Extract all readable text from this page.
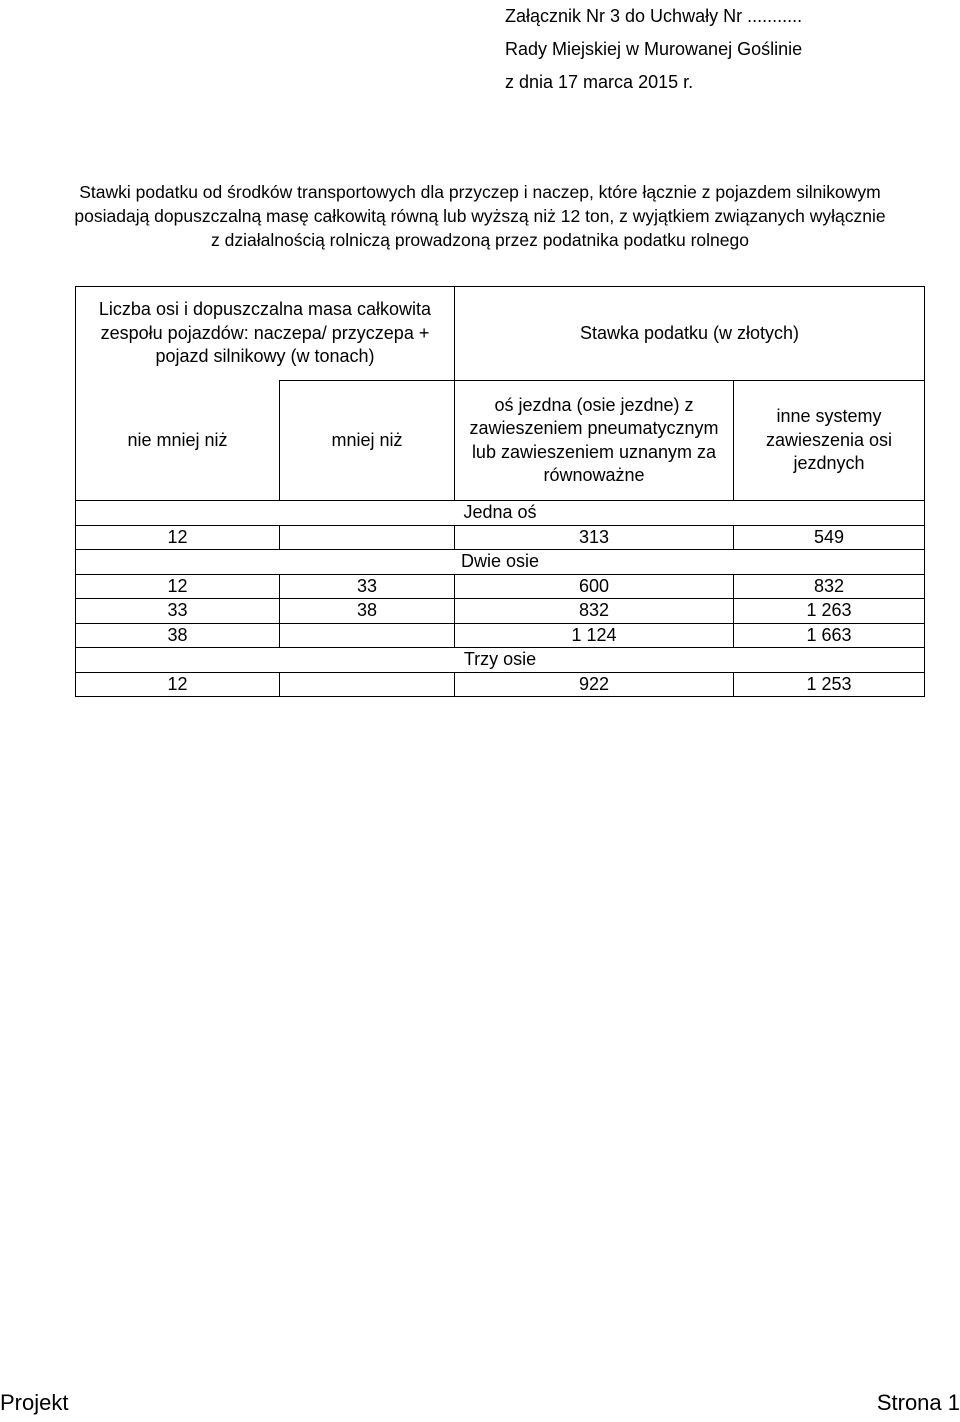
Załącznik Nr 3 do Uchwały Nr ...........
Rady Miejskiej w Murowanej Goślinie
z dnia 17 marca 2015 r.
Stawki podatku od środków transportowych dla przyczep i naczep, które łącznie z pojazdem silnikowym posiadają dopuszczalną masę całkowitą równą lub wyższą niż 12 ton, z wyjątkiem związanych wyłącznie z działalnością rolniczą prowadzoną przez podatnika podatku rolnego
Liczba osi i dopuszczalna masa całkowita zespołu pojazdów: naczepa/ przyczepa + pojazd silnikowy (w tonach)		Stawka podatku (w złotych)	
nie mniej niż	mniej niż	oś jezdna (osie jezdne) z zawieszeniem pneumatycznym lub zawieszeniem uznanym za równoważne	inne systemy zawieszenia osi jezdnych
Jedna oś			
12		313	549
Dwie osie			
12	33	600	832
33	38	832	1 263
38		1 124	1 663
Trzy osie			
12		922	1 253
Projekt	Strona 1
